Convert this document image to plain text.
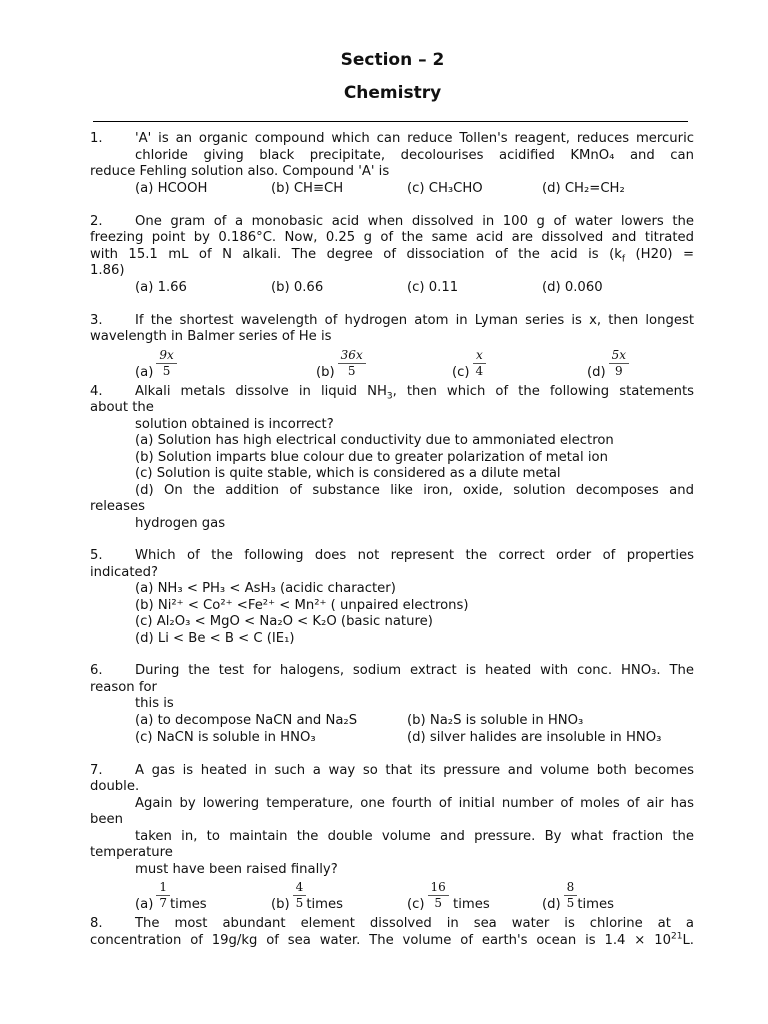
Section – 2
Chemistry
1. 'A' is an organic compound which can reduce Tollen's reagent, reduces mercuric
chloride giving black precipitate, decolourises acidified KMnO₄ and can
reduce Fehling solution also. Compound 'A' is
(a) HCOOH	(b) CH≡CH	(c) CH₃CHO	(d) CH₂=CH₂
2. One gram of a monobasic acid when dissolved in 100 g of water lowers the
freezing point by 0.186°C. Now, 0.25 g of the same acid are dissolved and titrated
with 15.1 mL of N alkali. The degree of dissociation of the acid is ($k_f$ (H20) =
1.86)
(a) 1.66	(b) 0.66	(c) 0.11	(d) 0.060
3. If the shortest wavelength of hydrogen atom in Lyman series is x, then longest
wavelength in Balmer series of He is
$(a) \frac{9x}{5}$	$(b) \frac{36x}{5}$	$(c) \frac{x}{4}$	$(d) \frac{5x}{9}$
4. Alkali metals dissolve in liquid $NH_3$, then which of the following statements
about the
solution obtained is incorrect?
(a) Solution has high electrical conductivity due to ammoniated electron
(b) Solution imparts blue colour due to greater polarization of metal ion
(c) Solution is quite stable, which is considered as a dilute metal
(d) On the addition of substance like iron, oxide, solution decomposes and
releases
hydrogen gas
5. Which of the following does not represent the correct order of properties
indicated?
(a) NH₃ < PH₃ < AsH₃ (acidic character)
(b) Ni²⁺ < Co²⁺ <Fe²⁺ < Mn²⁺ ( unpaired electrons)
(c) Al₂O₃ < MgO < Na₂O < K₂O (basic nature)
(d) Li < Be < B < C (IE₁)
6. During the test for halogens, sodium extract is heated with conc. HNO₃. The
reason for
this is
(a) to decompose NaCN and Na₂S	(b) Na₂S is soluble in HNO₃
(c) NaCN is soluble in HNO₃	(d) silver halides are insoluble in HNO₃
7. A gas is heated in such a way so that its pressure and volume both becomes
double.
Again by lowering temperature, one fourth of initial number of moles of air has
been
taken in, to maintain the double volume and pressure. By what fraction the
temperature
must have been raised finally?
$(a) \frac{1}{7}$ times	$(b) \frac{4}{5}$ times	$(c) \frac{16}{5}$ times	$(d) \frac{8}{5}$ times
8. The most abundant element dissolved in sea water is chlorine at a
concentration of 19g/kg of sea water. The volume of earth's ocean is $1.4 \times 10^{21}L$.
